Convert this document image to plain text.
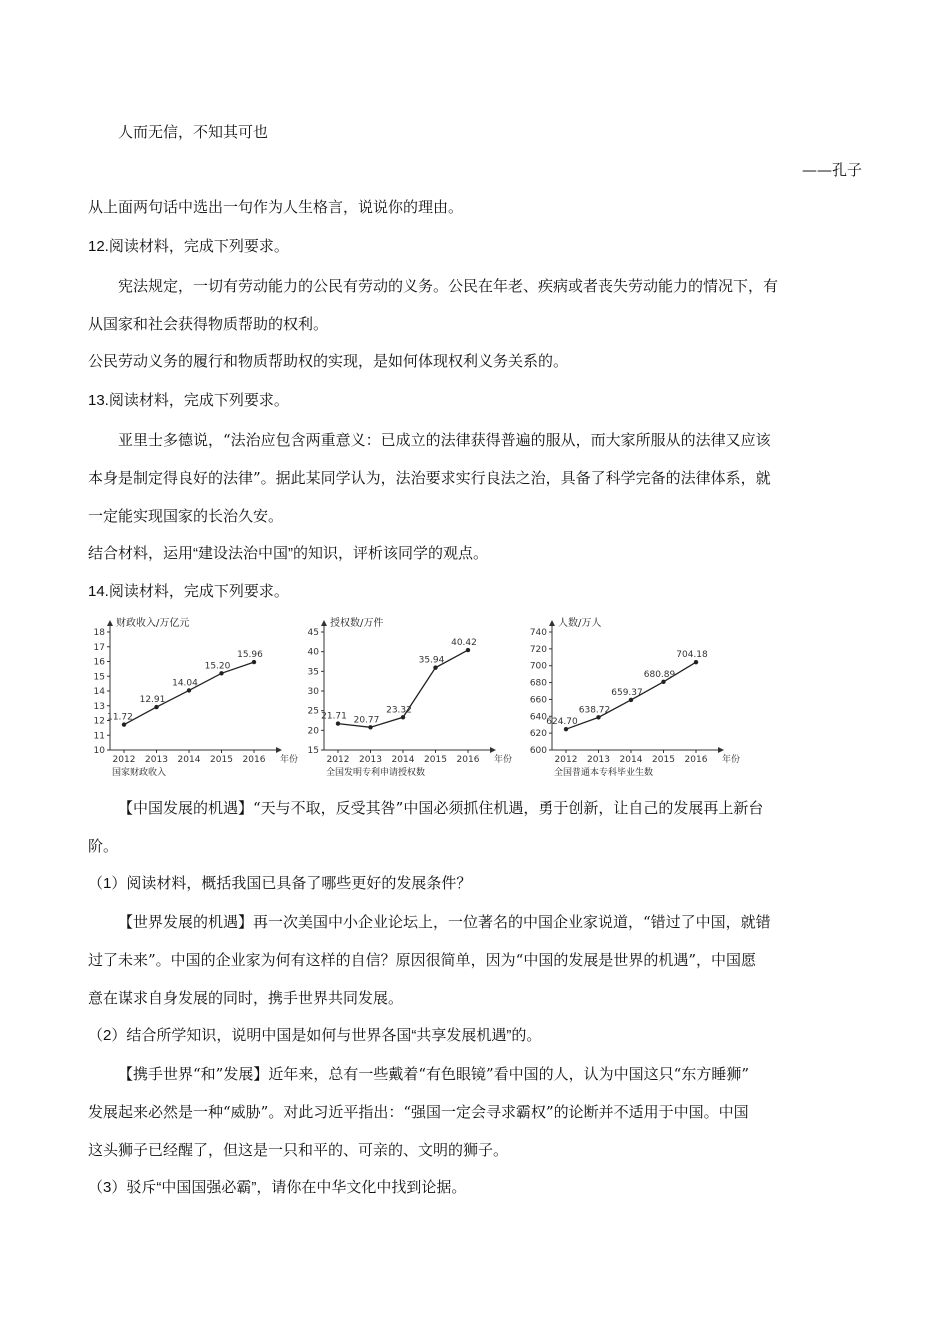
人而无信，不知其可也
——孔子
从上面两句话中选出一句作为人生格言，说说你的理由。
12.阅读材料，完成下列要求。
宪法规定，一切有劳动能力的公民有劳动的义务。公民在年老、疾病或者丧失劳动能力的情况下，有
从国家和社会获得物质帮助的权利。
公民劳动义务的履行和物质帮助权的实现，是如何体现权利义务关系的。
13.阅读材料，完成下列要求。
亚里士多德说，“法治应包含两重意义：已成立的法律获得普遍的服从，而大家所服从的法律又应该
本身是制定得良好的法律”。据此某同学认为，法治要求实行良法之治，具备了科学完备的法律体系，就
一定能实现国家的长治久安。
结合材料，运用“建设法治中国”的知识，评析该同学的观点。
14.阅读材料，完成下列要求。
财政收入/万亿元
10
11
12
13
14
15
16
17
18
2012 2013 2014 2015 2016 年份
国家财政收入
11.72
12.91
14.04
15.20
15.96
授权数/万件
15
20
25
30
35
40
45
2012 2013 2014 2015 2016 年份
全国发明专利申请授权数
21.71 20.77
23.32
35.94
40.42
人数/万人
600
620
640
660
680
700
720
740
2012 2013 2014 2015 2016 年份
全国普通本专科毕业生数
624.70
638.72
659.37
680.89
704.18
【中国发展的机遇】“天与不取，反受其咎”中国必须抓住机遇，勇于创新，让自己的发展再上新台
阶。
（1）阅读材料，概括我国已具备了哪些更好的发展条件？
【世界发展的机遇】再一次美国中小企业论坛上，一位著名的中国企业家说道，“错过了中国，就错
过了未来”。中国的企业家为何有这样的自信？原因很简单，因为“中国的发展是世界的机遇”，中国愿
意在谋求自身发展的同时，携手世界共同发展。
（2）结合所学知识，说明中国是如何与世界各国“共享发展机遇”的。
【携手世界“和”发展】近年来，总有一些戴着“有色眼镜”看中国的人，认为中国这只“东方睡狮”
发展起来必然是一种“威胁”。对此习近平指出：“强国一定会寻求霸权”的论断并不适用于中国。中国
这头狮子已经醒了，但这是一只和平的、可亲的、文明的狮子。
（3）驳斥“中国国强必霸”，请你在中华文化中找到论据。
